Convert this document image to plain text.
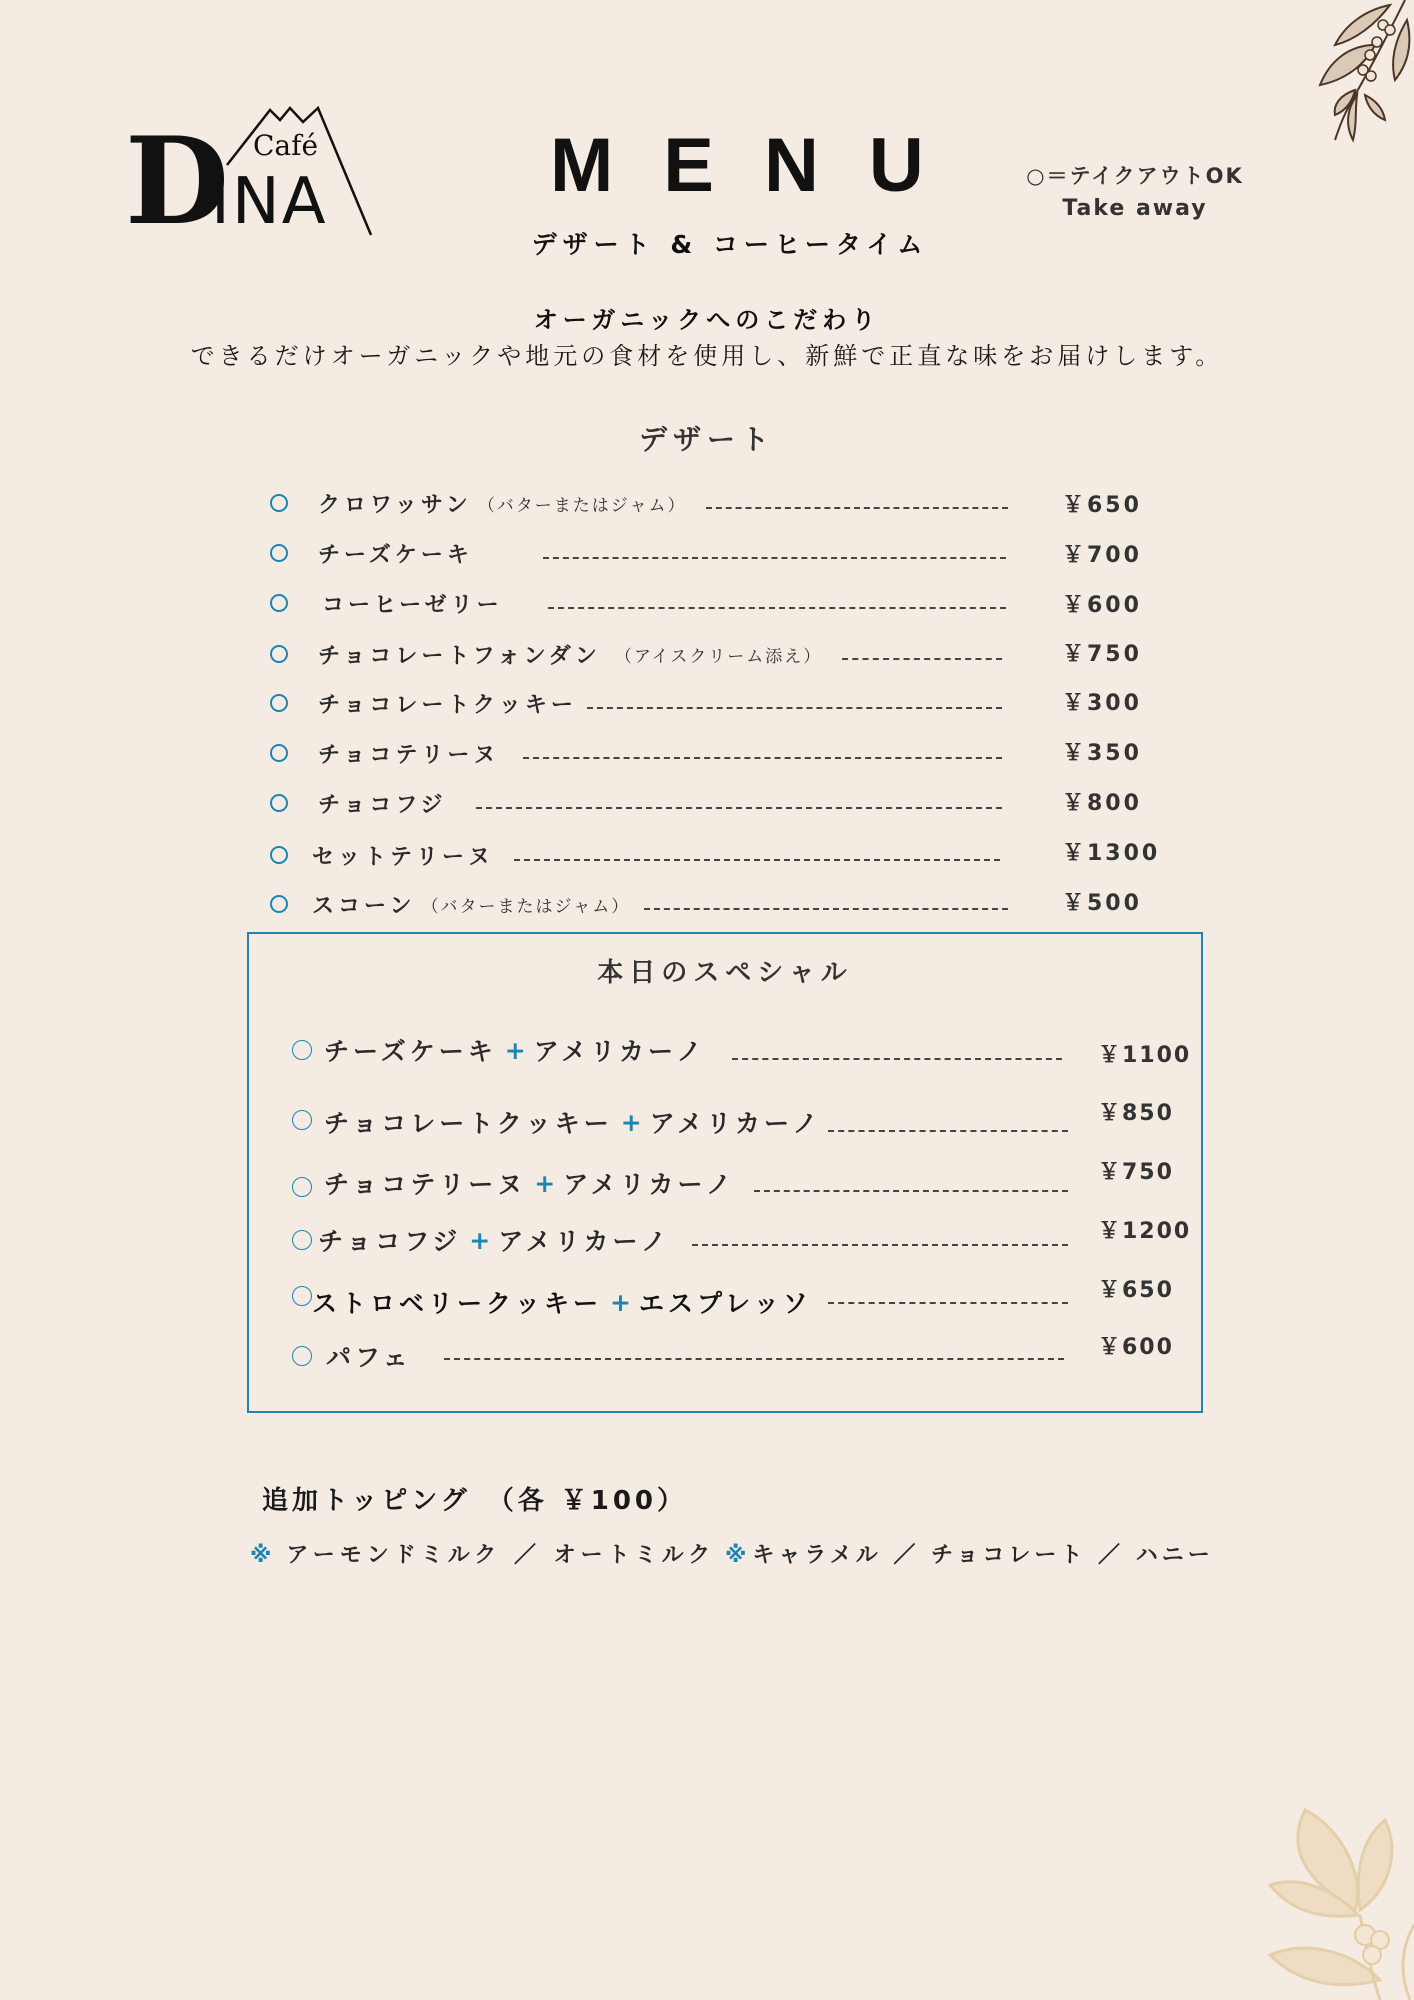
Café
D
INA	MENU
デザート & コーヒータイム
○＝テイクアウトOK
Take away
オーガニックへのこだわり
できるだけオーガニックや地元の食材を使用し、新鮮で正直な味をお届けします。
デザート
クロワッサン （バターまたはジャム）	￥650
チーズケーキ	￥700
コーヒーゼリー	￥600
チョコレートフォンダン （アイスクリーム添え）	￥750
チョコレートクッキー	￥300
チョコテリーヌ	￥350
チョコフジ	￥800
セットテリーヌ	￥1300
スコーン （バターまたはジャム）	￥500
本日のスペシャル
チーズケーキ + アメリカーノ	￥1100
チョコレートクッキー + アメリカーノ	￥850
チョコテリーヌ + アメリカーノ	￥750
チョコフジ + アメリカーノ	￥1200
ストロベリークッキー + エスプレッソ	￥650
パフェ	￥600
追加トッピング　（各 ￥100）
※ アーモンドミルク ／ オートミルク ※キャラメル ／ チョコレート ／ ハニー
